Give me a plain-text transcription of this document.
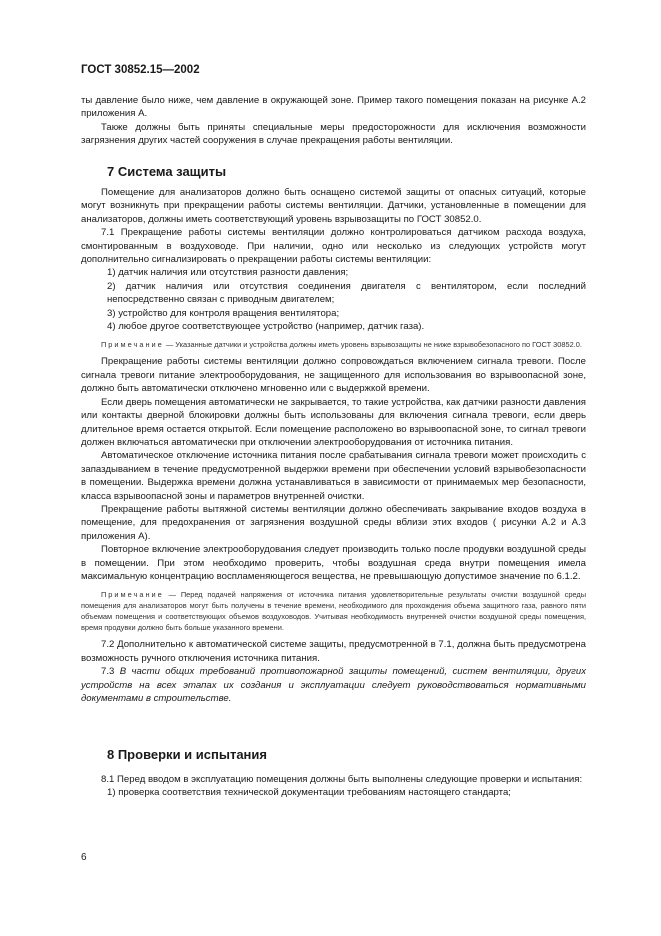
ГОСТ 30852.15—2002

ты давление было ниже, чем давление в окружающей зоне. Пример такого помещения показан на рисунке А.2 приложения А.

Также должны быть приняты специальные меры предосторожности для исключения возможности загрязнения других частей сооружения в случае прекращения работы вентиляции.

7 Система защиты

Помещение для анализаторов должно быть оснащено системой защиты от опасных ситуаций, которые могут возникнуть при прекращении работы системы вентиляции. Датчики, установленные в помещении для анализаторов, должны иметь соответствующий уровень взрывозащиты по ГОСТ 30852.0.

7.1 Прекращение работы системы вентиляции должно контролироваться датчиком расхода воздуха, смонтированным в воздуховоде. При наличии, одно или несколько из следующих устройств могут дополнительно сигнализировать о прекращении работы системы вентиляции:

1) датчик наличия или отсутствия разности давления;

2) датчик наличия или отсутствия соединения двигателя с вентилятором, если последний непосредственно связан с приводным двигателем;

3) устройство для контроля вращения вентилятора;

4) любое другое соответствующее устройство (например, датчик газа).

Примечание — Указанные датчики и устройства должны иметь уровень взрывозащиты не ниже взрывобезопасного по ГОСТ 30852.0.

Прекращение работы системы вентиляции должно сопровождаться включением сигнала тревоги. После сигнала тревоги питание электрооборудования, не защищенного для использования во взрывоопасной зоне, должно быть автоматически отключено мгновенно или с выдержкой времени.

Если дверь помещения автоматически не закрывается, то такие устройства, как датчики разности давления или контакты дверной блокировки должны быть использованы для включения сигнала тревоги, если дверь длительное время остается открытой. Если помещение расположено во взрывоопасной зоне, то сигнал тревоги должен включаться автоматически при отключении электрооборудования от источника питания.

Автоматическое отключение источника питания после срабатывания сигнала тревоги может происходить с запаздыванием в течение предусмотренной выдержки времени при обеспечении условий взрывобезопасности в помещении. Выдержка времени должна устанавливаться в зависимости от принимаемых мер безопасности, класса взрывоопасной зоны и параметров внутренней очистки.

Прекращение работы вытяжной системы вентиляции должно обеспечивать закрывание входов воздуха в помещение, для предохранения от загрязнения воздушной среды вблизи этих входов ( рисунки А.2 и А.3 приложения А).

Повторное включение электрооборудования следует производить только после продувки воздушной среды в помещении. При этом необходимо проверить, чтобы воздушная среда внутри помещения имела максимальную концентрацию воспламеняющегося вещества, не превышающую допустимое значение по 6.1.2.

Примечание — Перед подачей напряжения от источника питания удовлетворительные результаты очистки воздушной среды помещения для анализаторов могут быть получены в течение времени, необходимого для прохождения объема защитного газа, равного пяти объемам помещения и соответствующих объемов воздуховодов. Учитывая необходимость внутренней очистки воздушной среды помещения, время продувки должно быть больше указанного времени.

7.2 Дополнительно к автоматической системе защиты, предусмотренной в 7.1, должна быть предусмотрена возможность ручного отключения источника питания.

7.3 В части общих требований противопожарной защиты помещений, систем вентиляции, других устройств на всех этапах их создания и эксплуатации следует руководствоваться нормативными документами в строительстве.

8 Проверки и испытания

8.1 Перед вводом в эксплуатацию помещения должны быть выполнены следующие проверки и испытания:

1) проверка соответствия технической документации требованиям настоящего стандарта;

6
